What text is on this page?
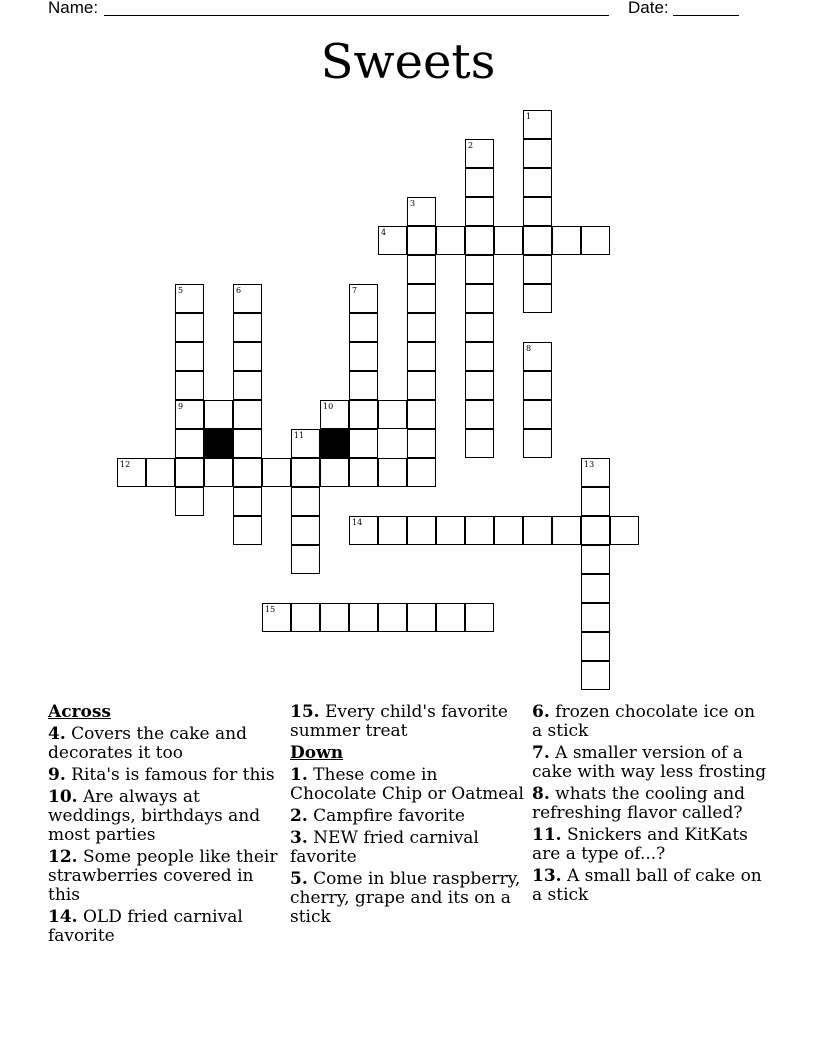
Name:	Date:
Sweets
1
2
3
4
5	6	7
8
9	10
11
12	13
14
15
Across
4. Covers the cake and decorates it too
9. Rita's is famous for this
10. Are always at weddings, birthdays and most parties
12. Some people like their strawberries covered in this
14. OLD fried carnival favorite
15. Every child's favorite summer treat
Down
1. These come in Chocolate Chip or Oatmeal
2. Campfire favorite
3. NEW fried carnival favorite
5. Come in blue raspberry, cherry, grape and its on a stick
6. frozen chocolate ice on a stick
7. A smaller version of a cake with way less frosting
8. whats the cooling and refreshing flavor called?
11. Snickers and KitKats are a type of...?
13. A small ball of cake on a stick
